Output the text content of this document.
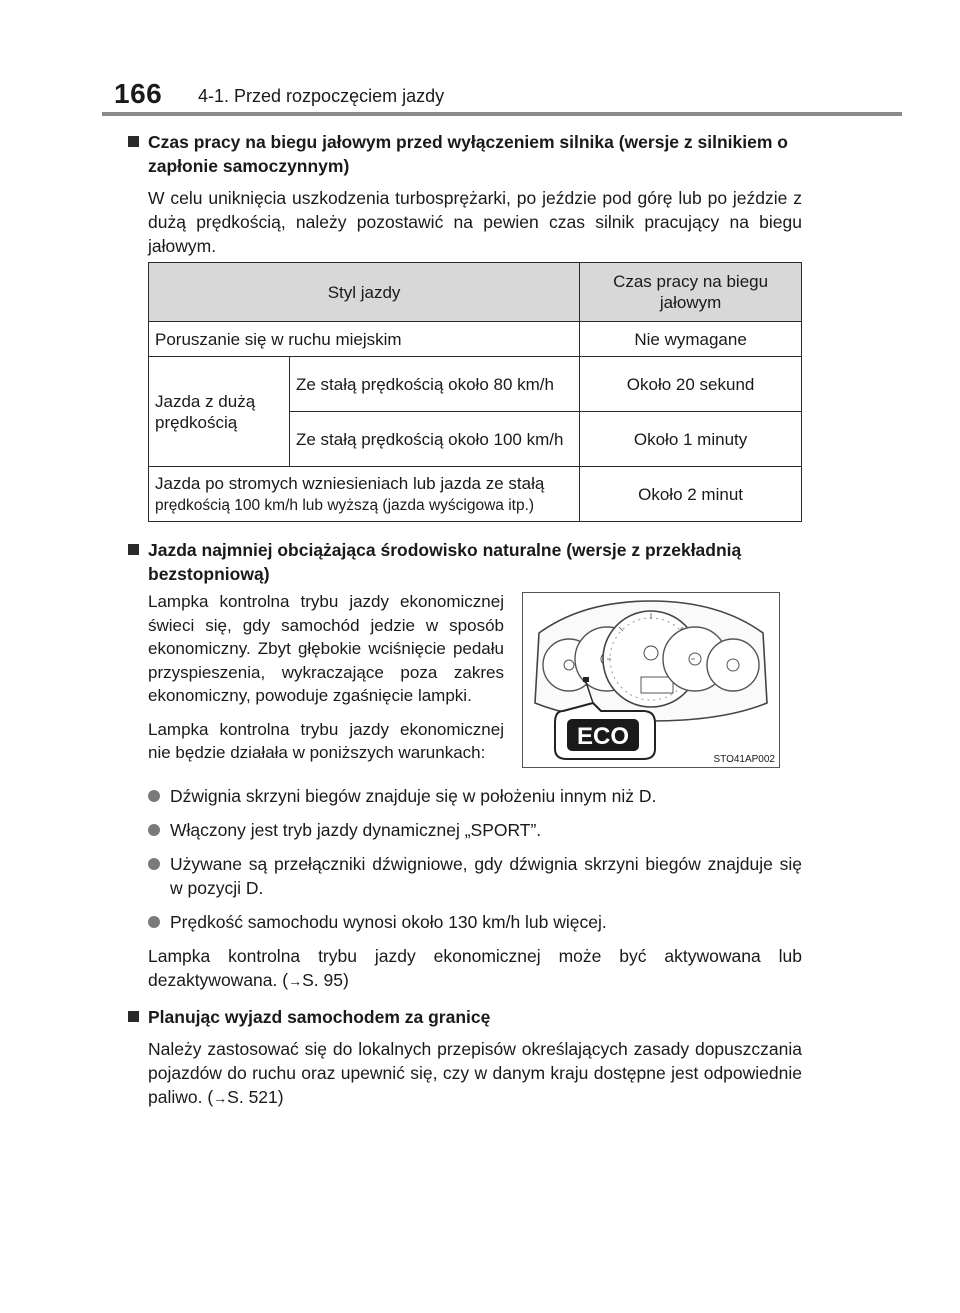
166 4-1. Przed rozpoczęciem jazdy
Czas pracy na biegu jałowym przed wyłączeniem silnika (wersje z silnikiem o zapłonie samoczynnym)
W celu uniknięcia uszkodzenia turbosprężarki, po jeździe pod górę lub po jeździe z dużą prędkością, należy pozostawić na pewien czas silnik pracujący na biegu jałowym.
Styl jazdy		Czas pracy na biegu jałowym
Poruszanie się w ruchu miejskim		Nie wymagane
Jazda z dużą prędkością	Ze stałą prędkością około 80 km/h	Około 20 sekund
	Ze stałą prędkością około 100 km/h	Około 1 minuty
Jazda po stromych wzniesieniach lub jazda ze stałą
prędkością 100 km/h lub wyższą (jazda wyścigowa itp.)		Około 2 minut
Jazda najmniej obciążająca środowisko naturalne (wersje z przekładnią bezstopniową)

Lampka kontrolna trybu jazdy ekonomicznej świeci się, gdy samochód jedzie w sposób ekonomiczny. Zbyt głębokie wciśnięcie pedału przyspieszenia, wykraczające poza zakres ekonomiczny, powoduje zgaśnięcie lampki.

Lampka kontrolna trybu jazdy ekonomicznej nie będzie działała w poniższych warunkach:

ECO
STO41AP002
Dźwignia skrzyni biegów znajduje się w położeniu innym niż D.
Włączony jest tryb jazdy dynamicznej „SPORT”.
Używane są przełączniki dźwigniowe, gdy dźwignia skrzyni biegów znajduje się w pozycji D.
Prędkość samochodu wynosi około 130 km/h lub więcej.
Lampka kontrolna trybu jazdy ekonomicznej może być aktywowana lub dezaktywowana. (→S. 95)
Planując wyjazd samochodem za granicę
Należy zastosować się do lokalnych przepisów określających zasady dopuszczania pojazdów do ruchu oraz upewnić się, czy w danym kraju dostępne jest odpowiednie paliwo. (→S. 521)
